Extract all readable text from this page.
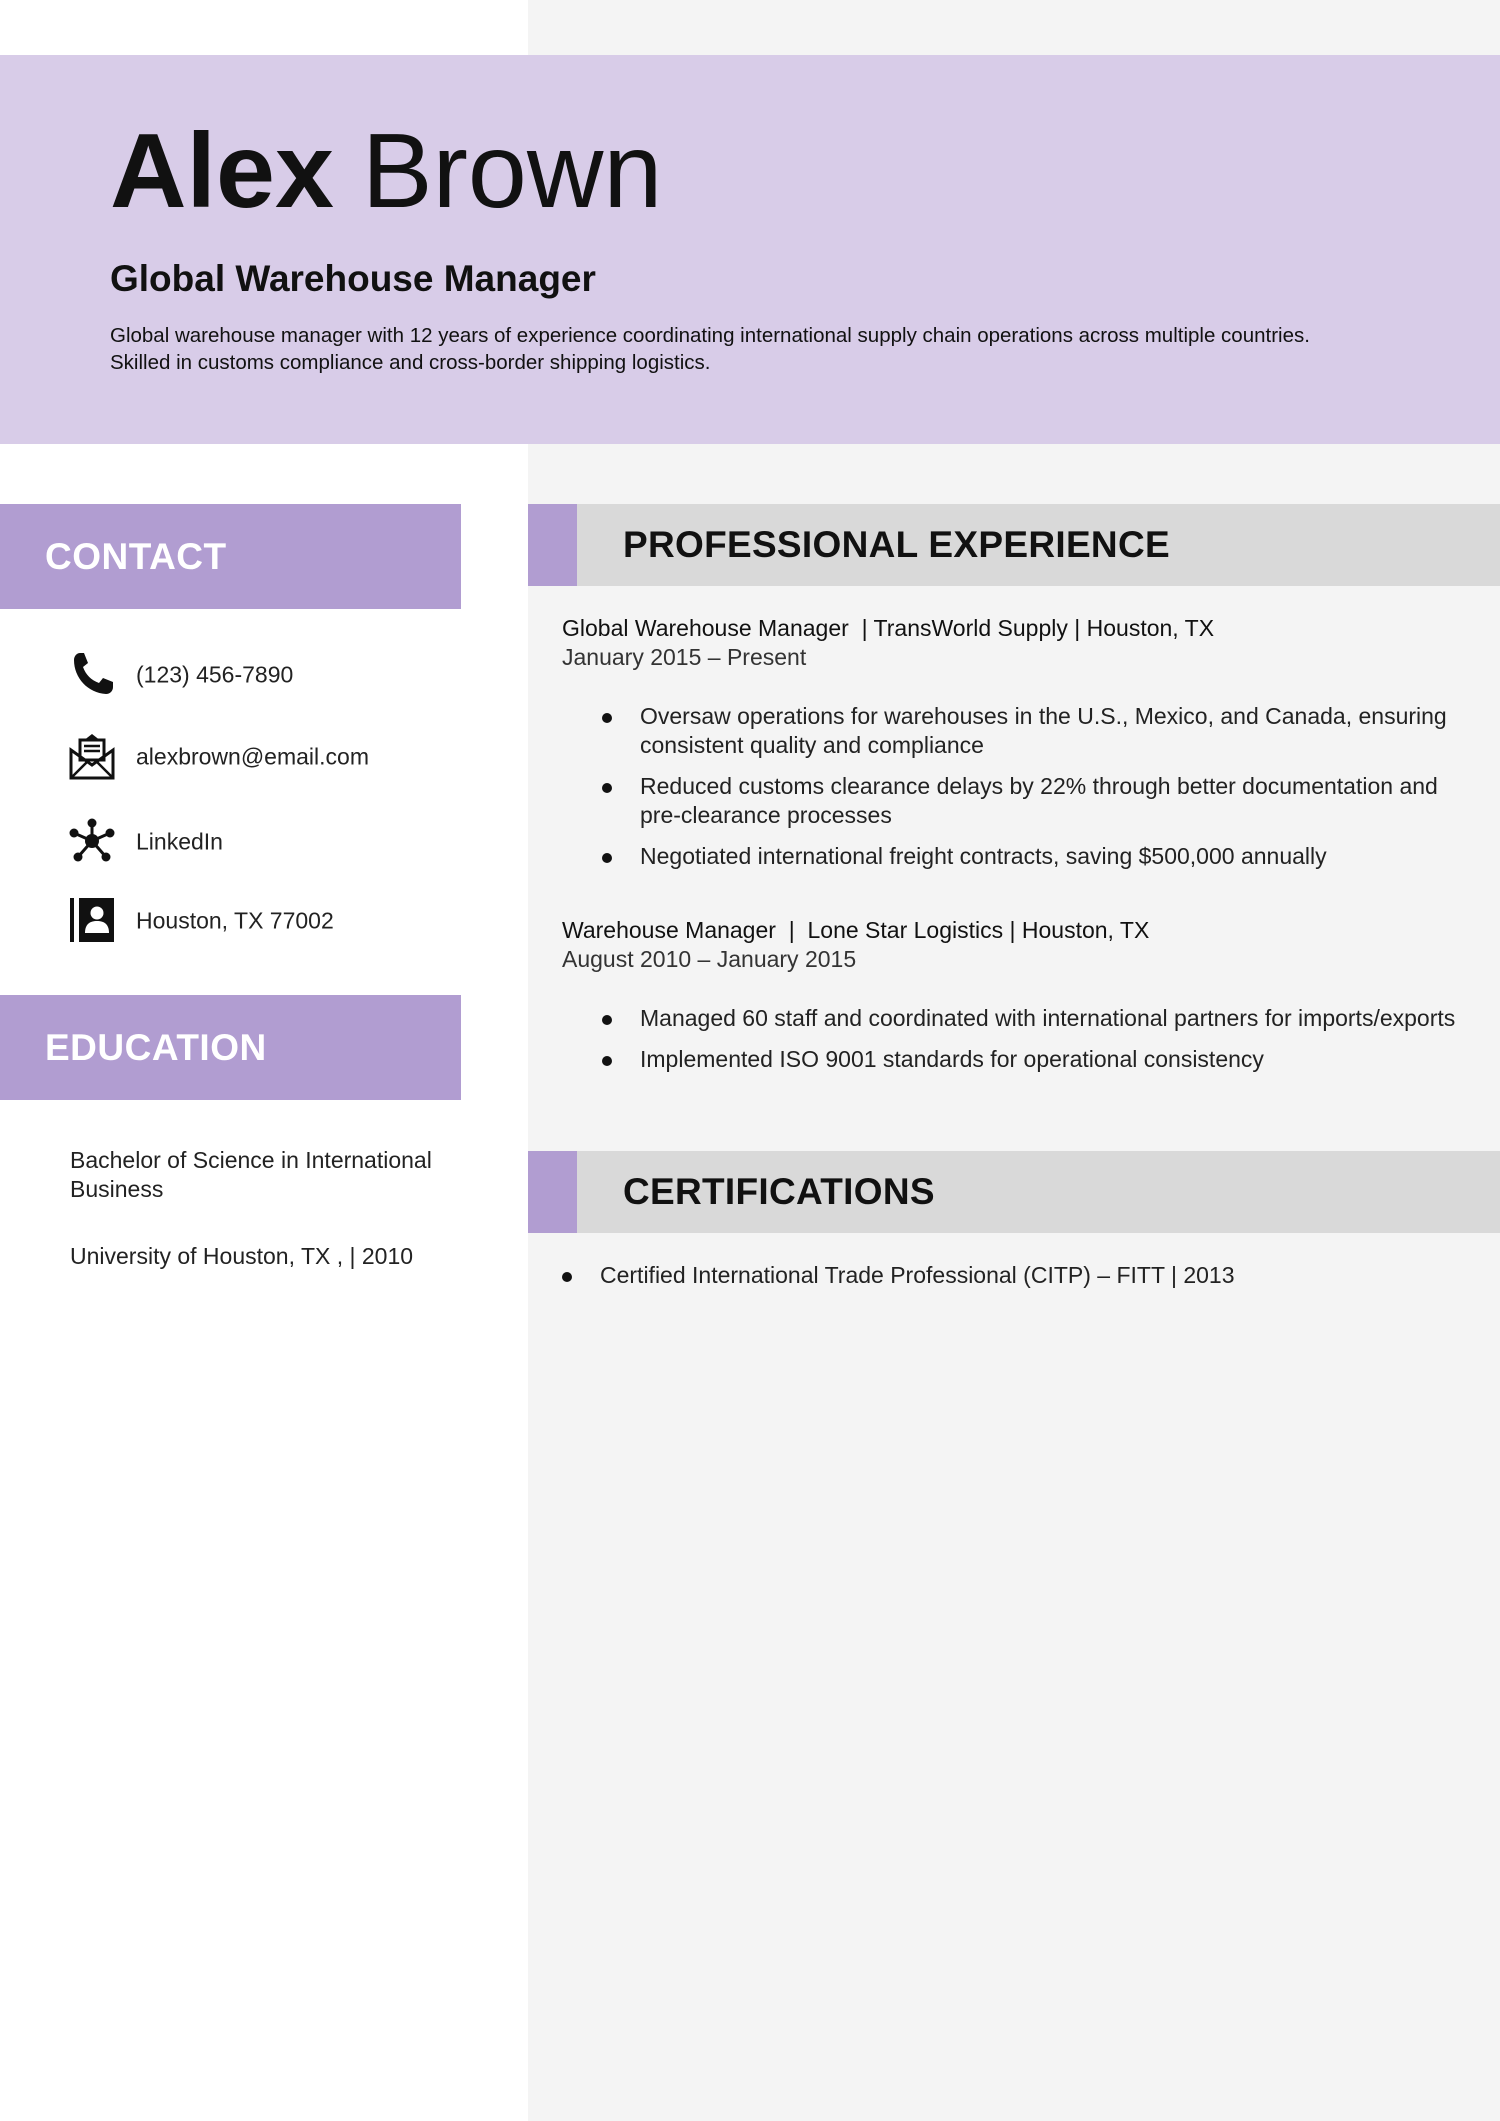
Alex Brown
Global Warehouse Manager
Global warehouse manager with 12 years of experience coordinating international supply chain operations across multiple countries. Skilled in customs compliance and cross-border shipping logistics.
CONTACT
(123) 456-7890
alexbrown@email.com
LinkedIn
Houston, TX 77002
EDUCATION
Bachelor of Science in International Business
University of Houston, TX , | 2010
PROFESSIONAL EXPERIENCE
Global Warehouse Manager  | TransWorld Supply | Houston, TX
January 2015 – Present
Oversaw operations for warehouses in the U.S., Mexico, and Canada, ensuring consistent quality and compliance
Reduced customs clearance delays by 22% through better documentation and pre-clearance processes
Negotiated international freight contracts, saving $500,000 annually
Warehouse Manager  |  Lone Star Logistics | Houston, TX
August 2010 – January 2015
Managed 60 staff and coordinated with international partners for imports/exports
Implemented ISO 9001 standards for operational consistency
CERTIFICATIONS
Certified International Trade Professional (CITP) – FITT | 2013
